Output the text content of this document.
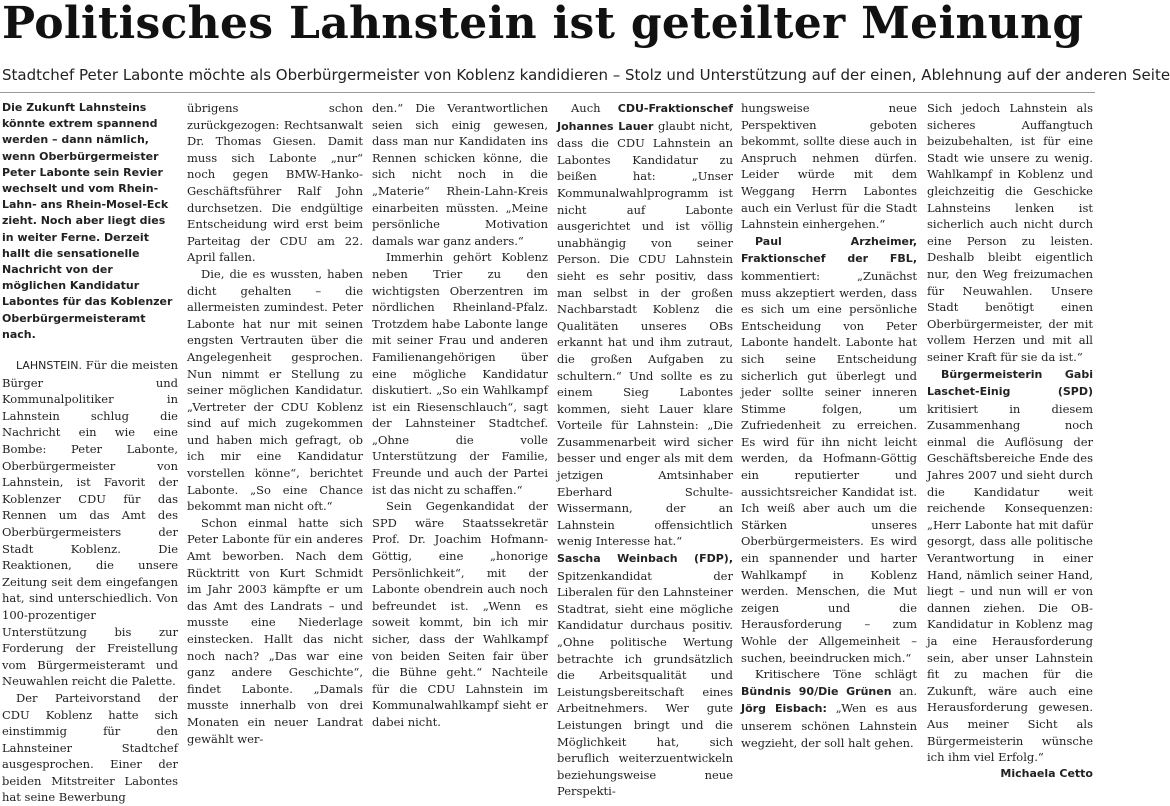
Politisches Lahnstein ist geteilter Meinung
Stadtchef Peter Labonte möchte als Oberbürgermeister von Koblenz kandidieren – Stolz und Unterstützung auf der einen, Ablehnung auf der anderen Seite

Die Zukunft Lahnsteins könnte extrem spannend werden – dann nämlich, wenn Oberbürgermeister Peter Labonte sein Revier wechselt und vom Rhein-Lahn- ans Rhein-Mosel-Eck zieht. Noch aber liegt dies in weiter Ferne. Derzeit hallt die sensationelle Nachricht von der möglichen Kandidatur Labontes für das Koblenzer Oberbürgermeisteramt nach.

LAHNSTEIN. Für die meisten Bürger und Kommunalpolitiker in Lahnstein schlug die Nachricht ein wie eine Bombe: Peter Labonte, Oberbürgermeister von Lahnstein, ist Favorit der Koblenzer CDU für das Rennen um das Amt des Oberbürgermeisters der Stadt Koblenz. Die Reaktionen, die unsere Zeitung seit dem eingefangen hat, sind unterschiedlich. Von 100-prozentiger Unterstützung bis zur Forderung der Freistellung vom Bürgermeisteramt und Neuwahlen reicht die Palette.

Der Parteivorstand der CDU Koblenz hatte sich einstimmig für den Lahnsteiner Stadtchef ausgesprochen. Einer der beiden Mitstreiter Labontes hat seine Bewerbung

übrigens schon zurückgezogen: Rechtsanwalt Dr. Thomas Giesen. Damit muss sich Labonte „nur“ noch gegen BMW-Hanko-Geschäftsführer Ralf John durchsetzen. Die endgültige Entscheidung wird erst beim Parteitag der CDU am 22. April fallen.

Die, die es wussten, haben dicht gehalten – die allermeisten zumindest. Peter Labonte hat nur mit seinen engsten Vertrauten über die Angelegenheit gesprochen. Nun nimmt er Stellung zu seiner möglichen Kandidatur. „Vertreter der CDU Koblenz sind auf mich zugekommen und haben mich gefragt, ob ich mir eine Kandidatur vorstellen könne“, berichtet Labonte. „So eine Chance bekommt man nicht oft.“

Schon einmal hatte sich Peter Labonte für ein anderes Amt beworben. Nach dem Rücktritt von Kurt Schmidt im Jahr 2003 kämpfte er um das Amt des Landrats – und musste eine Niederlage einstecken. Hallt das nicht noch nach? „Das war eine ganz andere Geschichte“, findet Labonte. „Damals musste innerhalb von drei Monaten ein neuer Landrat gewählt wer-

den.“ Die Verantwortlichen seien sich einig gewesen, dass man nur Kandidaten ins Rennen schicken könne, die sich nicht noch in die „Materie“ Rhein-Lahn-Kreis einarbeiten müssten. „Meine persönliche Motivation damals war ganz anders.“

Immerhin gehört Koblenz neben Trier zu den wichtigsten Oberzentren im nördlichen Rheinland-Pfalz. Trotzdem habe Labonte lange mit seiner Frau und anderen Familienangehörigen über eine mögliche Kandidatur diskutiert. „So ein Wahlkampf ist ein Riesenschlauch“, sagt der Lahnsteiner Stadtchef. „Ohne die volle Unterstützung der Familie, Freunde und auch der Partei ist das nicht zu schaffen.“

Sein Gegenkandidat der SPD wäre Staatssekretär Prof. Dr. Joachim Hofmann-Göttig, eine „honorige Persönlichkeit“, mit der Labonte obendrein auch noch befreundet ist. „Wenn es soweit kommt, bin ich mir sicher, dass der Wahlkampf von beiden Seiten fair über die Bühne geht.“ Nachteile für die CDU Lahnstein im Kommunalwahlkampf sieht er dabei nicht.

Auch CDU-Fraktionschef Johannes Lauer glaubt nicht, dass die CDU Lahnstein an Labontes Kandidatur zu beißen hat: „Unser Kommunalwahlprogramm ist nicht auf Labonte ausgerichtet und ist völlig unabhängig von seiner Person. Die CDU Lahnstein sieht es sehr positiv, dass man selbst in der großen Nachbarstadt Koblenz die Qualitäten unseres OBs erkannt hat und ihm zutraut, die großen Aufgaben zu schultern.“ Und sollte es zu einem Sieg Labontes kommen, sieht Lauer klare Vorteile für Lahnstein: „Die Zusammenarbeit wird sicher besser und enger als mit dem jetzigen Amtsinhaber Eberhard Schulte-Wissermann, der an Lahnstein offensichtlich wenig Interesse hat.“

Sascha Weinbach (FDP), Spitzenkandidat der Liberalen für den Lahnsteiner Stadtrat, sieht eine mögliche Kandidatur durchaus positiv. „Ohne politische Wertung betrachte ich grundsätzlich die Arbeitsqualität und Leistungsbereitschaft eines Arbeitnehmers. Wer gute Leistungen bringt und die Möglichkeit hat, sich beruflich weiterzuentwickeln beziehungsweise neue Perspekti-

hungsweise neue Perspektiven geboten bekommt, sollte diese auch in Anspruch nehmen dürfen. Leider würde mit dem Weggang Herrn Labontes auch ein Verlust für die Stadt Lahnstein einhergehen.“

Paul Arzheimer, Fraktionschef der FBL, kommentiert: „Zunächst muss akzeptiert werden, dass es sich um eine persönliche Entscheidung von Peter Labonte handelt. Labonte hat sich seine Entscheidung sicherlich gut überlegt und jeder sollte seiner inneren Stimme folgen, um Zufriedenheit zu erreichen. Es wird für ihn nicht leicht werden, da Hofmann-Göttig ein reputierter und aussichtsreicher Kandidat ist. Ich weiß aber auch um die Stärken unseres Oberbürgermeisters. Es wird ein spannender und harter Wahlkampf in Koblenz werden. Menschen, die Mut zeigen und die Herausforderung – zum Wohle der Allgemeinheit – suchen, beeindrucken mich.“

Kritischere Töne schlägt Bündnis 90/Die Grünen an. Jörg Eisbach: „Wen es aus unserem schönen Lahnstein wegzieht, der soll halt gehen.

Sich jedoch Lahnstein als sicheres Auffangtuch beizubehalten, ist für eine Stadt wie unsere zu wenig. Wahlkampf in Koblenz und gleichzeitig die Geschicke Lahnsteins lenken ist sicherlich auch nicht durch eine Person zu leisten. Deshalb bleibt eigentlich nur, den Weg freizumachen für Neuwahlen. Unsere Stadt benötigt einen Oberbürgermeister, der mit vollem Herzen und mit all seiner Kraft für sie da ist.“

Bürgermeisterin Gabi Laschet-Einig (SPD) kritisiert in diesem Zusammenhang noch einmal die Auflösung der Geschäftsbereiche Ende des Jahres 2007 und sieht durch die Kandidatur weit reichende Konsequenzen: „Herr Labonte hat mit dafür gesorgt, dass alle politische Verantwortung in einer Hand, nämlich seiner Hand, liegt – und nun will er von dannen ziehen. Die OB-Kandidatur in Koblenz mag ja eine Herausforderung sein, aber unser Lahnstein fit zu machen für die Zukunft, wäre auch eine Herausforderung gewesen. Aus meiner Sicht als Bürgermeisterin wünsche ich ihm viel Erfolg.“

Michaela Cetto
